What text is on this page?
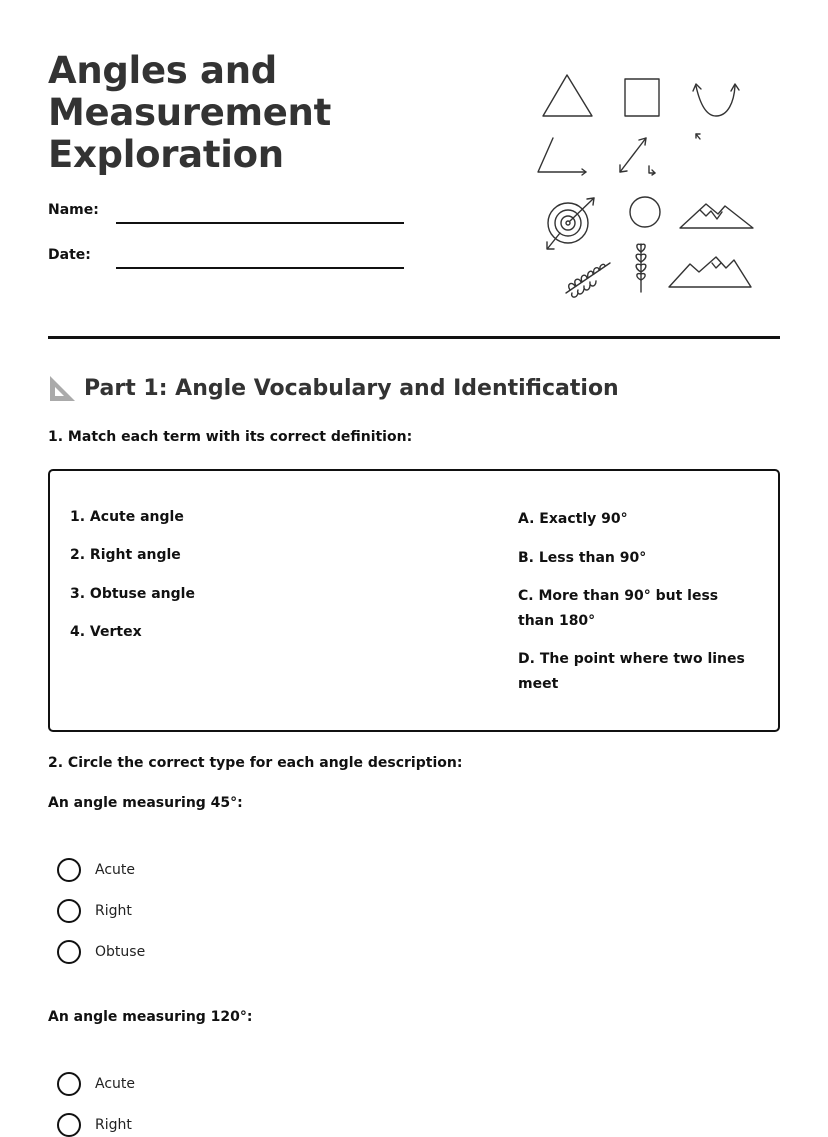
Angles and
Measurement
Exploration
Name:
Date:
Part 1: Angle Vocabulary and Identification
1. Match each term with its correct definition:
1. Acute angle
2. Right angle
3. Obtuse angle
4. Vertex
A. Exactly 90°
B. Less than 90°
C. More than 90° but less than 180°
D. The point where two lines meet
2. Circle the correct type for each angle description:
An angle measuring 45°:
Acute
Right
Obtuse
An angle measuring 120°:
Acute
Right
